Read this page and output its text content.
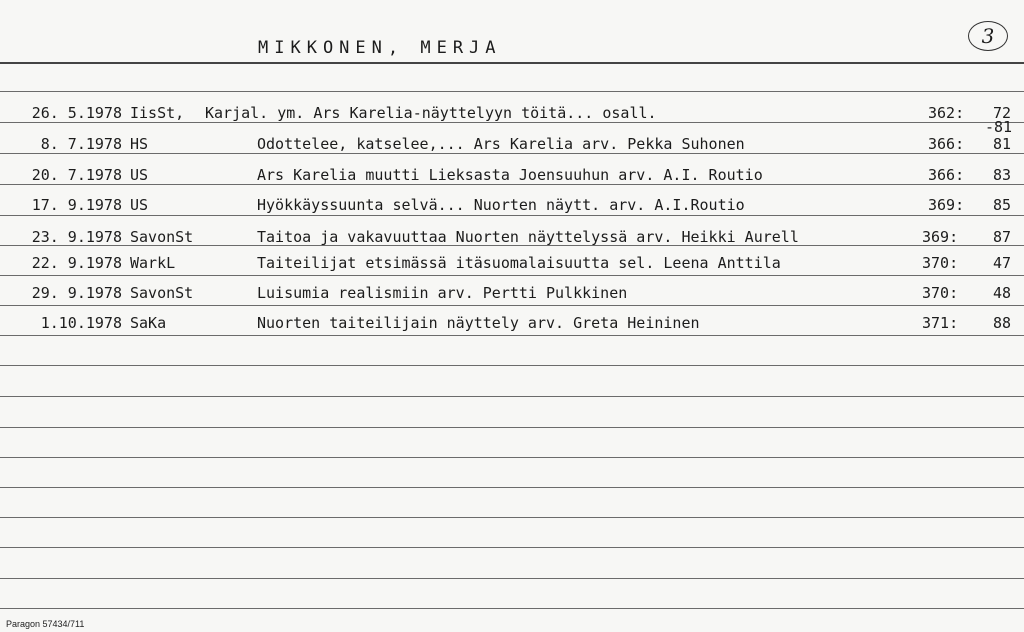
MIKKONEN, MERJA	3
26. 5.1978 IisSt, Karjal. ym. Ars Karelia-näyttelyyn töitä... osall.	362:	72
-81
8. 7.1978 HS	Odottelee, katselee,... Ars Karelia arv. Pekka Suhonen	366:	81
20. 7.1978 US	Ars Karelia muutti Lieksasta Joensuuhun arv. A.I. Routio	366:	83
17. 9.1978 US	Hyökkäyssuunta selvä... Nuorten näytt. arv. A.I.Routio	369:	85
23. 9.1978 SavonSt	Taitoa ja vakavuuttaa Nuorten näyttelyssä arv. Heikki Aurell	369:	87
22. 9.1978 WarkL	Taiteilijat etsimässä itäsuomalaisuutta sel. Leena Anttila	370:	47
29. 9.1978 SavonSt	Luisumia realismiin arv. Pertti Pulkkinen	370:	48
1.10.1978 SaKa	Nuorten taiteilijain näyttely arv. Greta Heininen	371:	88
Paragon 57434/711
